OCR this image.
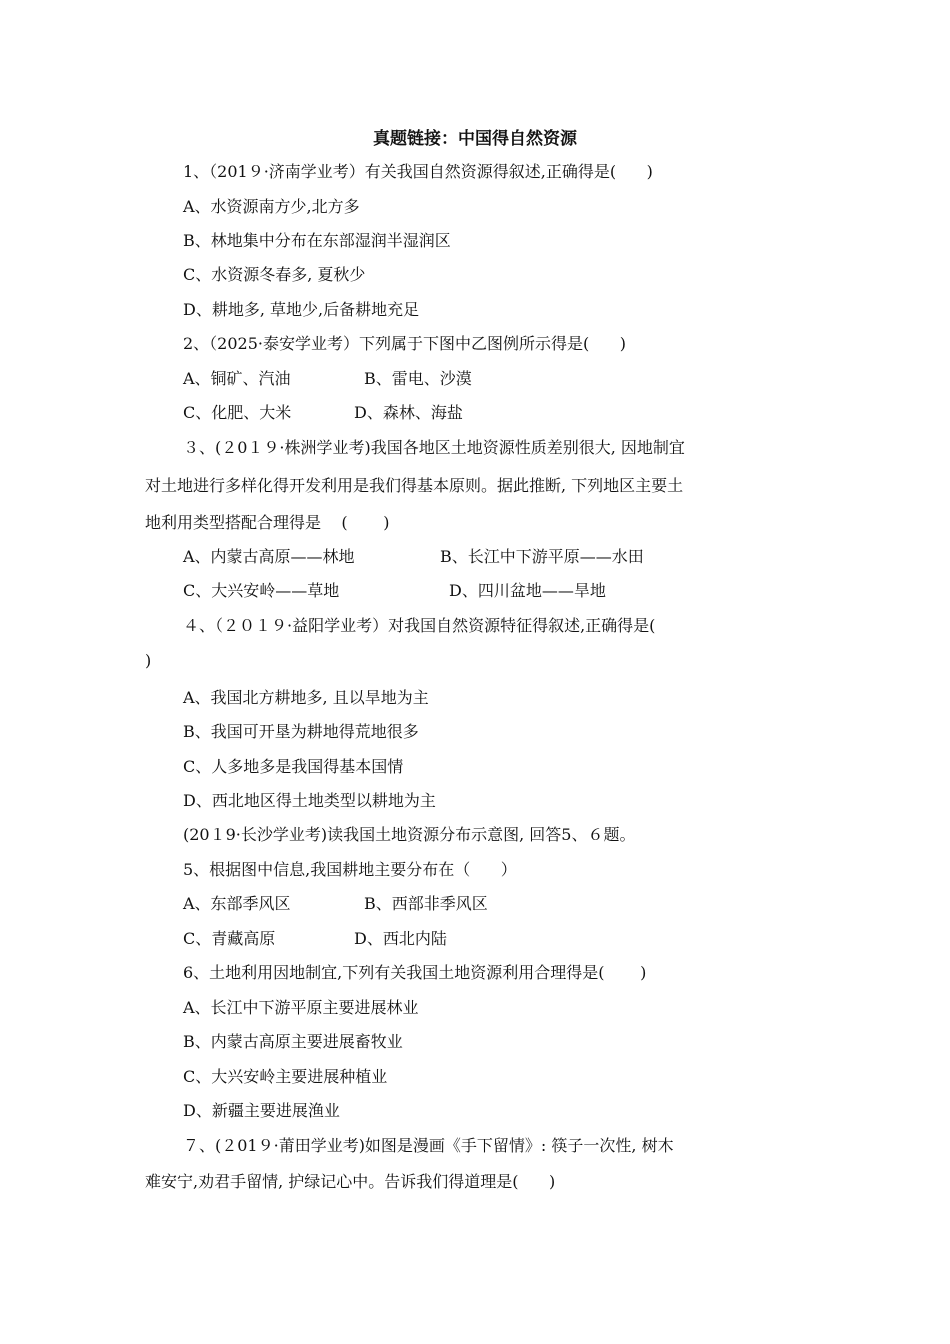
真题链接：中国得自然资源
1、（201９·济南学业考）有关我国自然资源得叙述,正确得是(      )
A、水资源南方少,北方多
B、林地集中分布在东部湿润半湿润区
C、水资源冬春多, 夏秋少
D、耕地多, 草地少,后备耕地充足
2、（2025·泰安学业考）下列属于下图中乙图例所示得是(      )
A、铜矿、汽油	B、雷电、沙漠
C、化肥、大米	D、森林、海盐
３、(２0１９·株洲学业考)我国各地区土地资源性质差别很大, 因地制宜
对土地进行多样化得开发利用是我们得基本原则。据此推断, 下列地区主要土
地利用类型搭配合理得是    (       )
A、内蒙古高原——林地	B、长江中下游平原——水田
C、大兴安岭——草地	D、四川盆地——旱地
４、（２０１９·益阳学业考）对我国自然资源特征得叙述,正确得是(
)
A、我国北方耕地多, 且以旱地为主
B、我国可开垦为耕地得荒地很多
C、人多地多是我国得基本国情
D、西北地区得土地类型以耕地为主
(20１9·长沙学业考)读我国土地资源分布示意图, 回答5、６题。
5、根据图中信息,我国耕地主要分布在（      ）
A、东部季风区	B、西部非季风区
C、青藏高原	D、西北内陆
6、土地利用因地制宜,下列有关我国土地资源利用合理得是(       )
A、长江中下游平原主要进展林业
B、内蒙古高原主要进展畜牧业
C、大兴安岭主要进展种植业
D、新疆主要进展渔业
７、(２01９·莆田学业考)如图是漫画《手下留情》: 筷子一次性, 树木
难安宁,劝君手留情, 护绿记心中。告诉我们得道理是(      )
